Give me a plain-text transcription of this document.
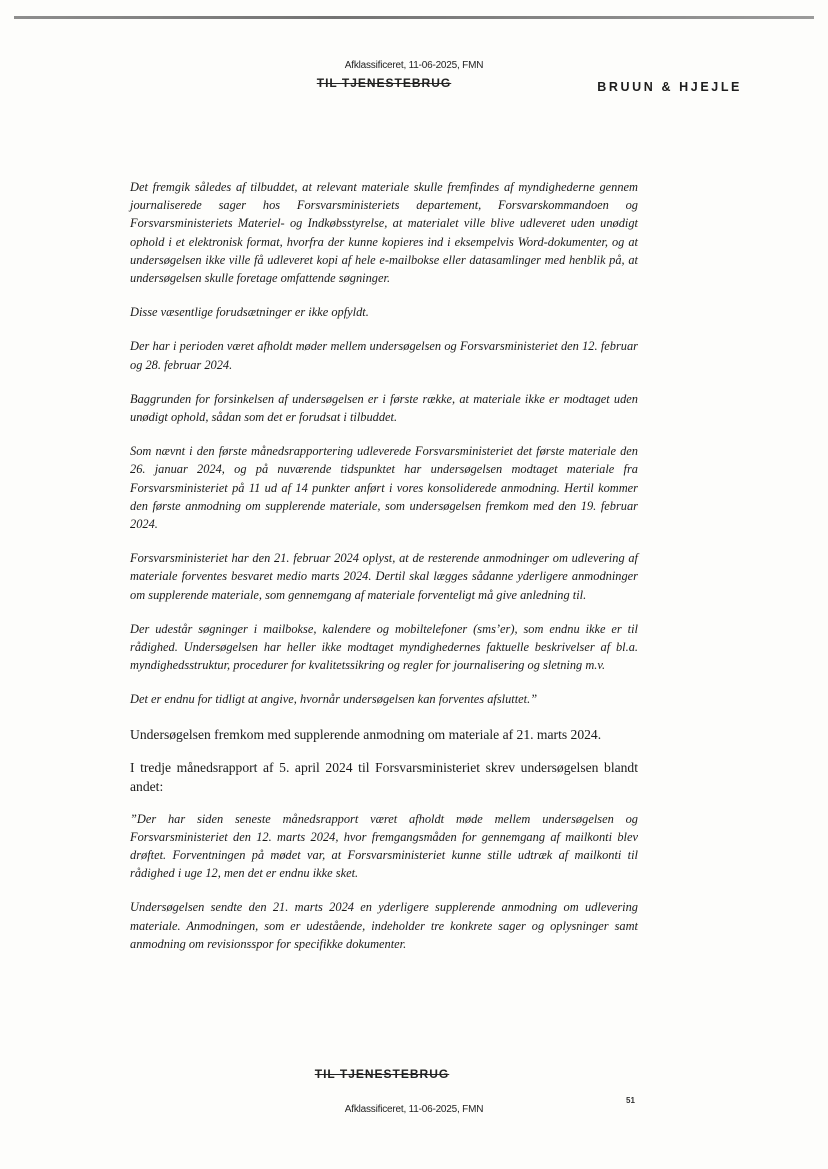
Afklassificeret, 11-06-2025, FMN
TIL TJENESTEBRUG	BRUUN & HJEJLE

Det fremgik således af tilbuddet, at relevant materiale skulle fremfindes af myndighederne gennem journaliserede sager hos Forsvarsministeriets departement, Forsvarskommandoen og Forsvarsministeriets Materiel- og Indkøbsstyrelse, at materialet ville blive udleveret uden unødigt ophold i et elektronisk format, hvorfra der kunne kopieres ind i eksempelvis Word-dokumenter, og at undersøgelsen ikke ville få udleveret kopi af hele e-mailbokse eller datasamlinger med henblik på, at undersøgelsen skulle foretage omfattende søgninger.

Disse væsentlige forudsætninger er ikke opfyldt.

Der har i perioden været afholdt møder mellem undersøgelsen og Forsvarsministeriet den 12. februar og 28. februar 2024.

Baggrunden for forsinkelsen af undersøgelsen er i første række, at materiale ikke er modtaget uden unødigt ophold, sådan som det er forudsat i tilbuddet.

Som nævnt i den første månedsrapportering udleverede Forsvarsministeriet det første materiale den 26. januar 2024, og på nuværende tidspunktet har undersøgelsen modtaget materiale fra Forsvarsministeriet på 11 ud af 14 punkter anført i vores konsoliderede anmodning. Hertil kommer den første anmodning om supplerende materiale, som undersøgelsen fremkom med den 19. februar 2024.

Forsvarsministeriet har den 21. februar 2024 oplyst, at de resterende anmodninger om udlevering af materiale forventes besvaret medio marts 2024. Dertil skal lægges sådanne yderligere anmodninger om supplerende materiale, som gennemgang af materiale forventeligt må give anledning til.

Der udestår søgninger i mailbokse, kalendere og mobiltelefoner (sms’er), som endnu ikke er til rådighed. Undersøgelsen har heller ikke modtaget myndighedernes faktuelle beskrivelser af bl.a. myndighedsstruktur, procedurer for kvalitetssikring og regler for journalisering og sletning m.v.

Det er endnu for tidligt at angive, hvornår undersøgelsen kan forventes afsluttet.”

Undersøgelsen fremkom med supplerende anmodning om materiale af 21. marts 2024.

I tredje månedsrapport af 5. april 2024 til Forsvarsministeriet skrev undersøgelsen blandt andet:

”Der har siden seneste månedsrapport været afholdt møde mellem undersøgelsen og Forsvarsministeriet den 12. marts 2024, hvor fremgangsmåden for gennemgang af mailkonti blev drøftet. Forventningen på mødet var, at Forsvarsministeriet kunne stille udtræk af mailkonti til rådighed i uge 12, men det er endnu ikke sket.

Undersøgelsen sendte den 21. marts 2024 en yderligere supplerende anmodning om udlevering materiale. Anmodningen, som er udestående, indeholder tre konkrete sager og oplysninger samt anmodning om revisionsspor for specifikke dokumenter.

TIL TJENESTEBRUG
51
Afklassificeret, 11-06-2025, FMN
